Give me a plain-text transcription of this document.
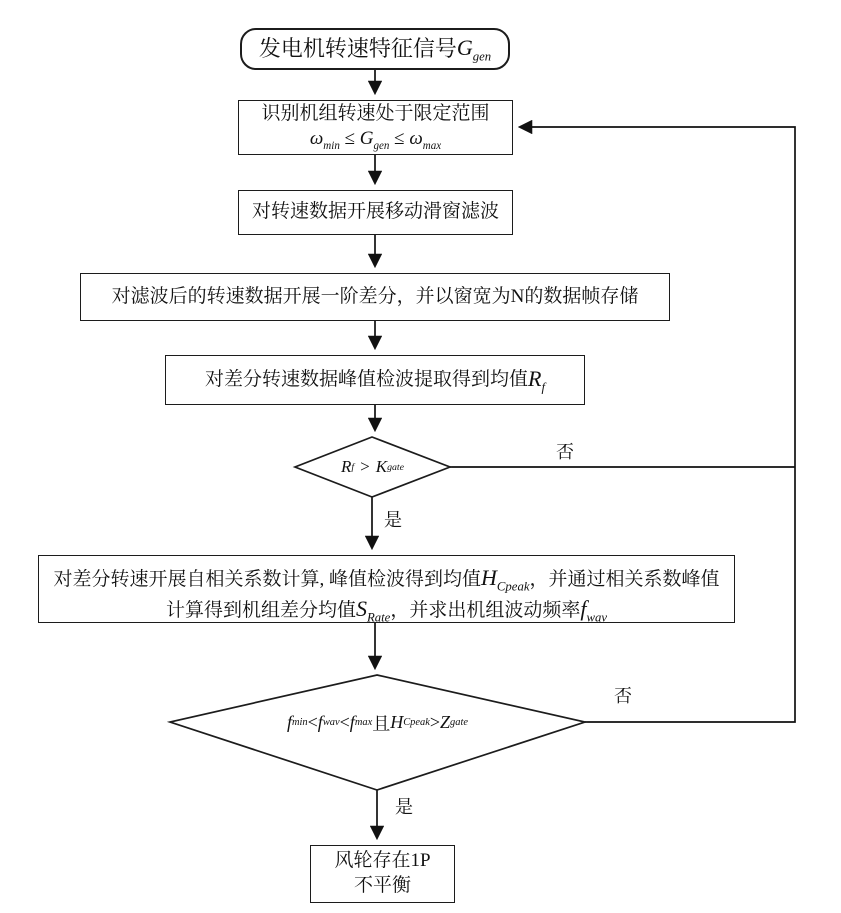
发电机转速特征信号 $G_{gen}$
识别机组转速处于限定范围
$\omega_{min} \le G_{gen} \le \omega_{max}$
对转速数据开展移动滑窗滤波
对滤波后的转速数据开展一阶差分，并以窗宽为N的数据帧存储
对差分转速数据峰值检波提取得到均值 $R_f$
R f > K gate
对差分转速开展自相关系数计算, 峰值检波得到均值$H_{Cpeak}$，并通过相关系数峰值计算得到机组差分均值$S_{Rate}$，并求出机组波动频率$f_{wav}$
f min < f wav < f max 且 H Cpeak > Z gate
风轮存在1P
不平衡
否
是
否
是
